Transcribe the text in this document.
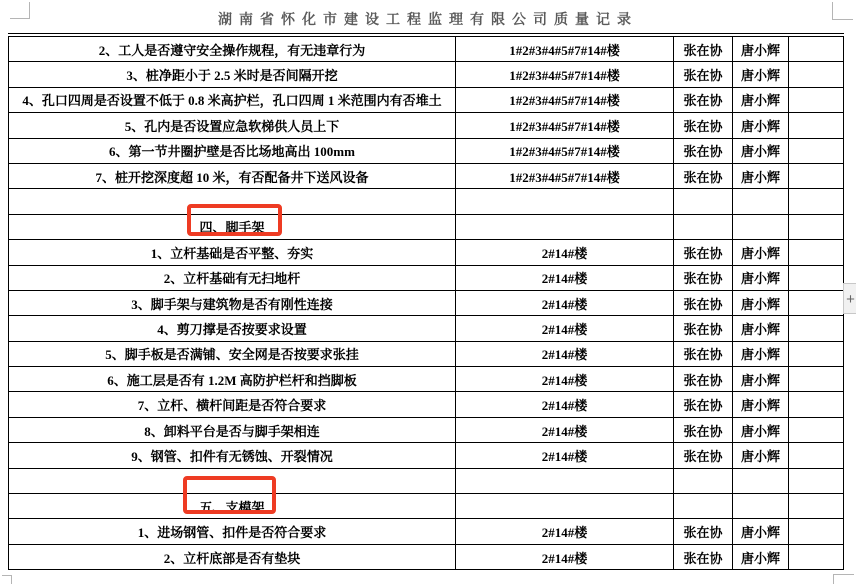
湖南省怀化市建设工程监理有限公司质量记录
2、工人是否遵守安全操作规程，有无违章行为	1#2#3#4#5#7#14#楼	张在协	唐小辉	
3、桩净距小于 2.5 米时是否间隔开挖	1#2#3#4#5#7#14#楼	张在协	唐小辉	
4、孔口四周是否设置不低于 0.8 米高护栏，孔口四周 1 米范围内有否堆土	1#2#3#4#5#7#14#楼	张在协	唐小辉	
5、孔内是否设置应急软梯供人员上下	1#2#3#4#5#7#14#楼	张在协	唐小辉	
6、第一节井圈护壁是否比场地高出 100mm	1#2#3#4#5#7#14#楼	张在协	唐小辉	
7、桩开挖深度超 10 米，有否配备井下送风设备	1#2#3#4#5#7#14#楼	张在协	唐小辉	

四、脚手架				
1、立杆基础是否平整、夯实	2#14#楼	张在协	唐小辉	
2、立杆基础有无扫地杆	2#14#楼	张在协	唐小辉	
3、脚手架与建筑物是否有刚性连接	2#14#楼	张在协	唐小辉	
4、剪刀撑是否按要求设置	2#14#楼	张在协	唐小辉	
5、脚手板是否满铺、安全网是否按要求张挂	2#14#楼	张在协	唐小辉	
6、施工层是否有 1.2M 高防护栏杆和挡脚板	2#14#楼	张在协	唐小辉	
7、立杆、横杆间距是否符合要求	2#14#楼	张在协	唐小辉	
8、卸料平台是否与脚手架相连	2#14#楼	张在协	唐小辉	
9、钢管、扣件有无锈蚀、开裂情况	2#14#楼	张在协	唐小辉	

五、支模架				
1、进场钢管、扣件是否符合要求	2#14#楼	张在协	唐小辉	
2、立杆底部是否有垫块	2#14#楼	张在协	唐小辉	
+
